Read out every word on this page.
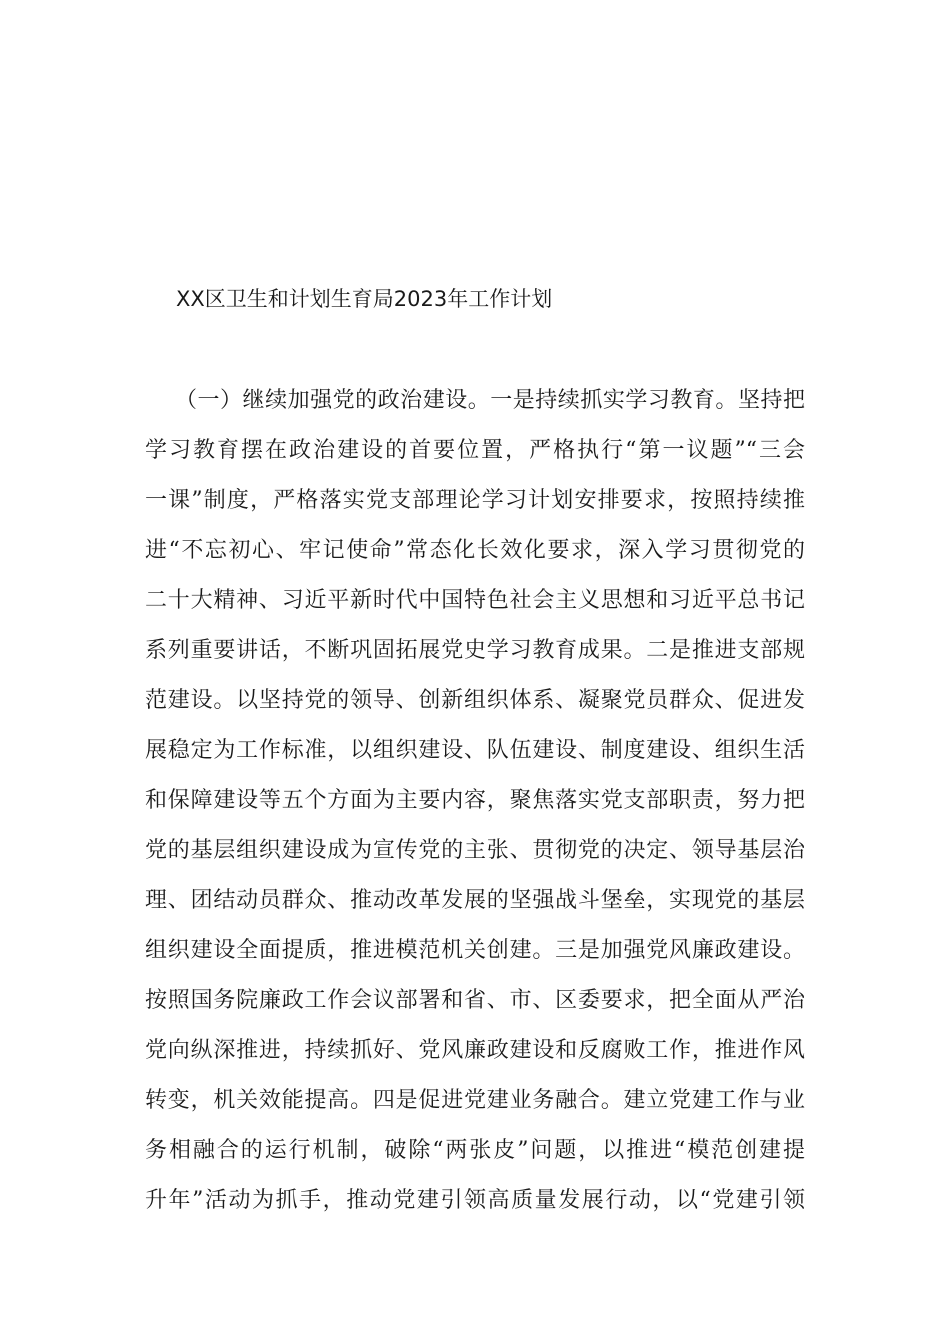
XX区卫生和计划生育局2023年工作计划
（一）继续加强党的政治建设。一是持续抓实学习教育。坚持把
学习教育摆在政治建设的首要位置，严格执行“第一议题”“三会
一课”制度，严格落实党支部理论学习计划安排要求，按照持续推
进“不忘初心、牢记使命”常态化长效化要求，深入学习贯彻党的
二十大精神、习近平新时代中国特色社会主义思想和习近平总书记
系列重要讲话，不断巩固拓展党史学习教育成果。二是推进支部规
范建设。以坚持党的领导、创新组织体系、凝聚党员群众、促进发
展稳定为工作标准，以组织建设、队伍建设、制度建设、组织生活
和保障建设等五个方面为主要内容，聚焦落实党支部职责，努力把
党的基层组织建设成为宣传党的主张、贯彻党的决定、领导基层治
理、团结动员群众、推动改革发展的坚强战斗堡垒，实现党的基层
组织建设全面提质，推进模范机关创建。三是加强党风廉政建设。
按照国务院廉政工作会议部署和省、市、区委要求，把全面从严治
党向纵深推进，持续抓好、党风廉政建设和反腐败工作，推进作风
转变，机关效能提高。四是促进党建业务融合。建立党建工作与业
务相融合的运行机制，破除“两张皮”问题，以推进“模范创建提
升年”活动为抓手，推动党建引领高质量发展行动，以“党建引领
